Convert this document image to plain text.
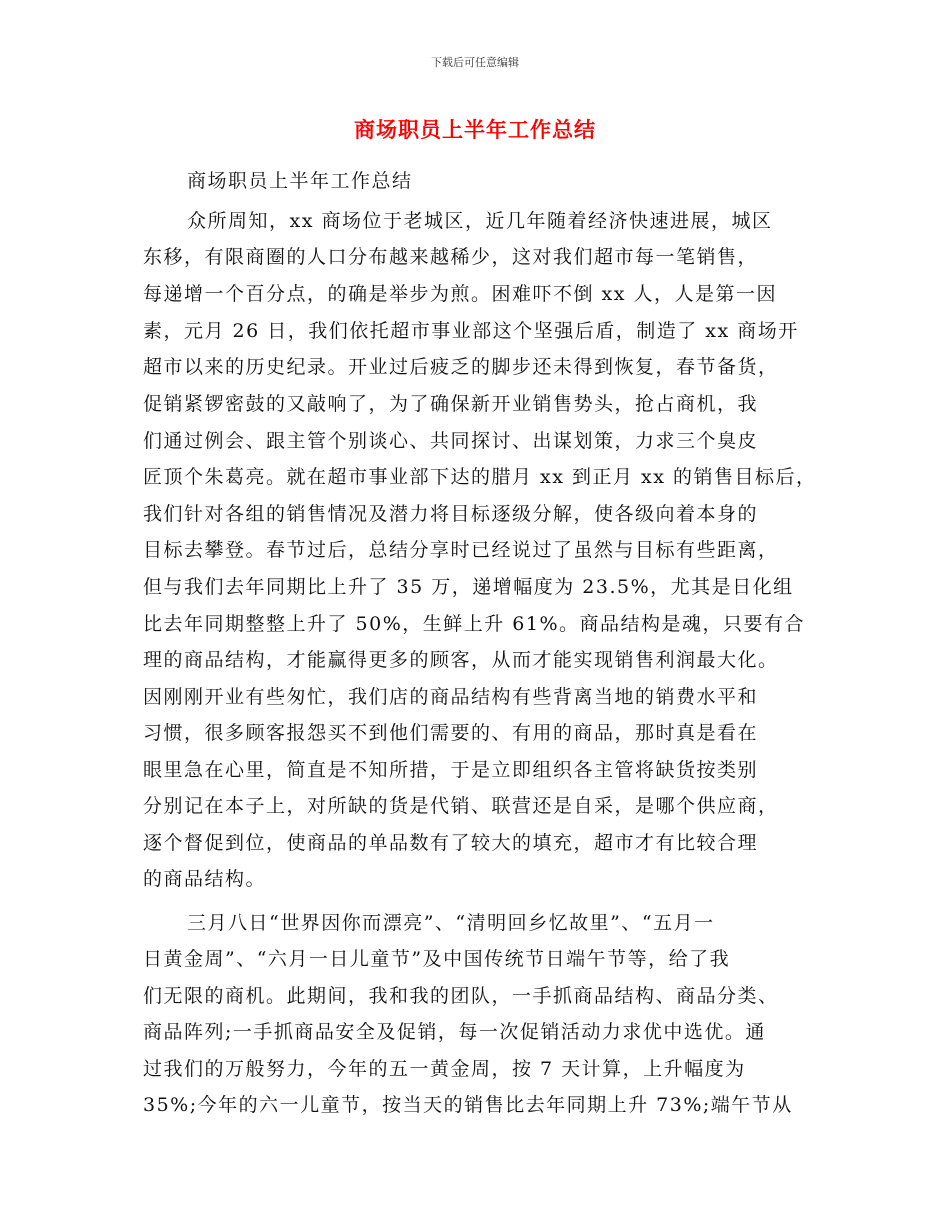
下载后可任意编辑
商场职员上半年工作总结
商场职员上半年工作总结
众所周知，xx 商场位于老城区，近几年随着经济快速进展，城区
东移，有限商圈的人口分布越来越稀少，这对我们超市每一笔销售，
每递增一个百分点，的确是举步为煎。困难吓不倒 xx 人，人是第一因
素，元月 26 日，我们依托超市事业部这个坚强后盾，制造了 xx 商场开
超市以来的历史纪录。开业过后疲乏的脚步还未得到恢复，春节备货，
促销紧锣密鼓的又敲响了，为了确保新开业销售势头，抢占商机，我
们通过例会、跟主管个别谈心、共同探讨、出谋划策，力求三个臭皮
匠顶个朱葛亮。就在超市事业部下达的腊月 xx 到正月 xx 的销售目标后，
我们针对各组的销售情况及潜力将目标逐级分解，使各级向着本身的
目标去攀登。春节过后，总结分享时已经说过了虽然与目标有些距离，
但与我们去年同期比上升了 35 万，递增幅度为 23.5%，尤其是日化组
比去年同期整整上升了 50%，生鲜上升 61%。商品结构是魂，只要有合
理的商品结构，才能赢得更多的顾客，从而才能实现销售利润最大化。
因刚刚开业有些匆忙，我们店的商品结构有些背离当地的销费水平和
习惯，很多顾客报怨买不到他们需要的、有用的商品，那时真是看在
眼里急在心里，简直是不知所措，于是立即组织各主管将缺货按类别
分别记在本子上，对所缺的货是代销、联营还是自采，是哪个供应商，
逐个督促到位，使商品的单品数有了较大的填充，超市才有比较合理
的商品结构。
三月八日“世界因你而漂亮”、“清明回乡忆故里”、“五月一
日黄金周”、“六月一日儿童节”及中国传统节日端午节等，给了我
们无限的商机。此期间，我和我的团队，一手抓商品结构、商品分类、
商品阵列;一手抓商品安全及促销，每一次促销活动力求优中选优。通
过我们的万般努力，今年的五一黄金周，按 7 天计算，上升幅度为
35%;今年的六一儿童节，按当天的销售比去年同期上升 73%;端午节从
